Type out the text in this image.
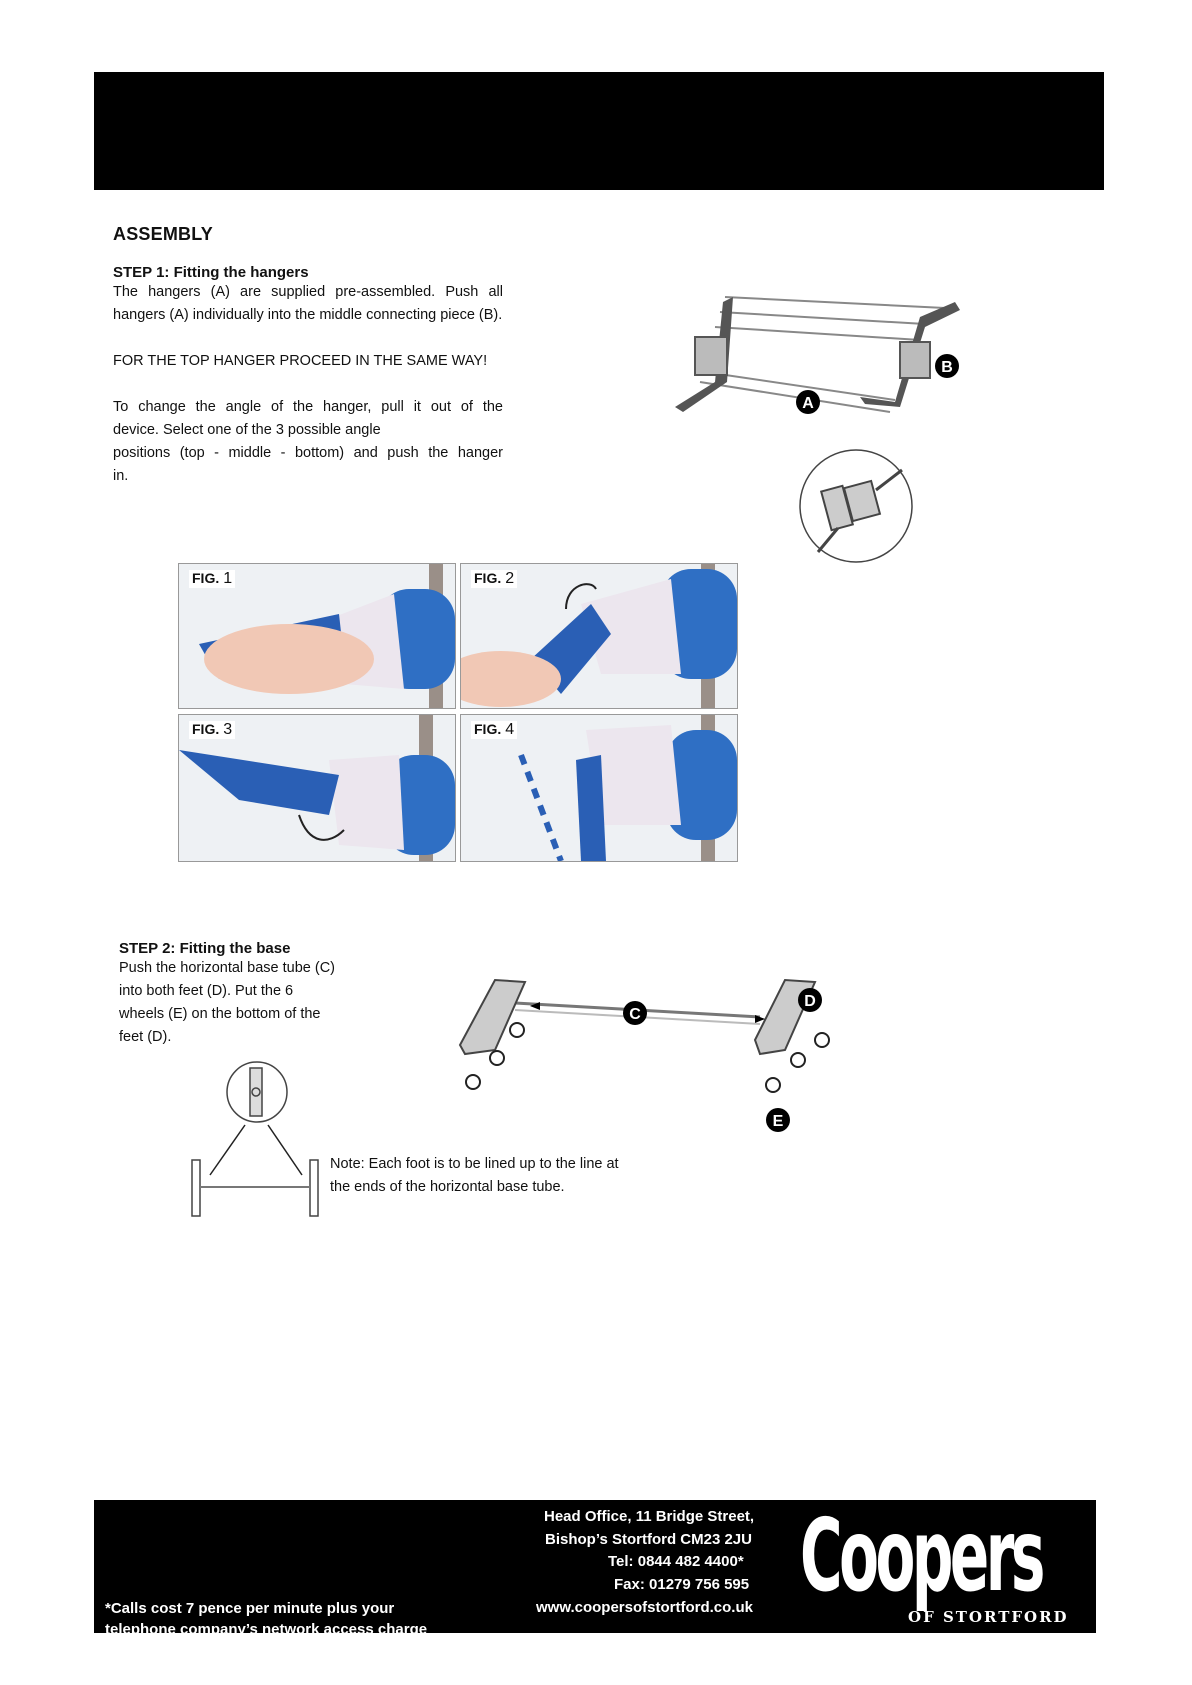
ASSEMBLY
STEP 1: Fitting the hangers
The hangers (A) are supplied pre-assembled. Push all hangers (A) individually into the middle connecting piece (B).
FOR THE TOP HANGER PROCEED IN THE SAME WAY!
To change the angle of the hanger, pull it out of the
device. Select one of the 3 possible angle
positions (top - middle - bottom) and push the hanger
in.
B
A
FIG. 1	FIG. 2
FIG. 3	FIG. 4
STEP 2: Fitting the base
Push the horizontal base tube (C)
into both feet (D). Put the 6
wheels (E) on the bottom of the
feet (D).
C
D
E
Note: Each foot is to be lined up to the line at
the ends of the horizontal base tube.
Head Office, 11 Bridge Street,
Bishop’s Stortford CM23 2JU
Tel: 0844 482 4400*
Fax: 01279 756 595
www.coopersofstortford.co.uk
*Calls cost 7 pence per minute plus your
telephone company’s network access charge
Coopers
OF STORTFORD
